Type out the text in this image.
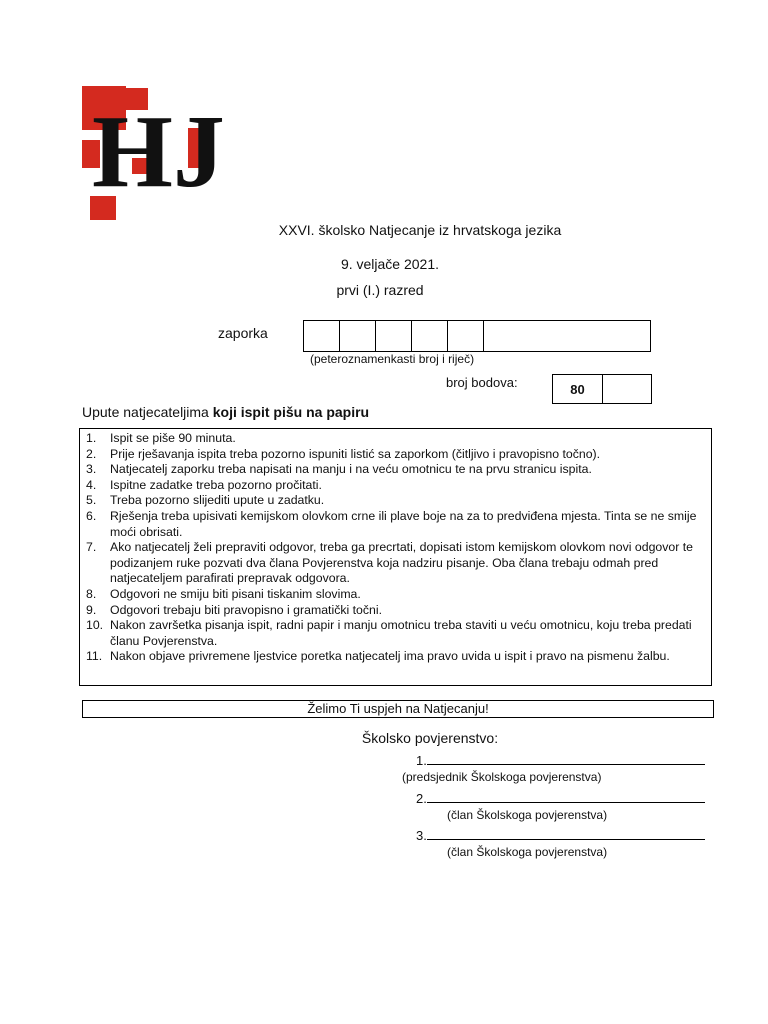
HJ
XXVI. školsko Natjecanje iz hrvatskoga jezika
9. veljače 2021.
prvi (I.) razred
zaporka
(peteroznamenkasti broj i riječ)
broj bodova:	80
Upute natjecateljima koji ispit pišu na papiru
1.	Ispit se piše 90 minuta.
2.	Prije rješavanja ispita treba pozorno ispuniti listić sa zaporkom (čitljivo i pravopisno točno).
3.	Natjecatelj zaporku treba napisati na manju i na veću omotnicu te na prvu stranicu ispita.
4.	Ispitne zadatke treba pozorno pročitati.
5.	Treba pozorno slijediti upute u zadatku.
6.	Rješenja treba upisivati kemijskom olovkom crne ili plave boje na za to predviđena mjesta. Tinta se ne smije moći obrisati.
7.	Ako natjecatelj želi prepraviti odgovor, treba ga precrtati, dopisati istom kemijskom olovkom novi odgovor te podizanjem ruke pozvati dva člana Povjerenstva koja nadziru pisanje. Oba člana trebaju odmah pred natjecateljem parafirati prepravak odgovora.
8.	Odgovori ne smiju biti pisani tiskanim slovima.
9.	Odgovori trebaju biti pravopisno i gramatički točni.
10. Nakon završetka pisanja ispit, radni papir i manju omotnicu treba staviti u veću omotnicu, koju treba predati članu Povjerenstva.
11. Nakon objave privremene ljestvice poretka natjecatelj ima pravo uvida u ispit i pravo na pismenu žalbu.
Želimo Ti uspjeh na Natjecanju!
Školsko povjerenstvo:
1.
(predsjednik Školskoga povjerenstva)
2.
(član Školskoga povjerenstva)
3.
(član Školskoga povjerenstva)
